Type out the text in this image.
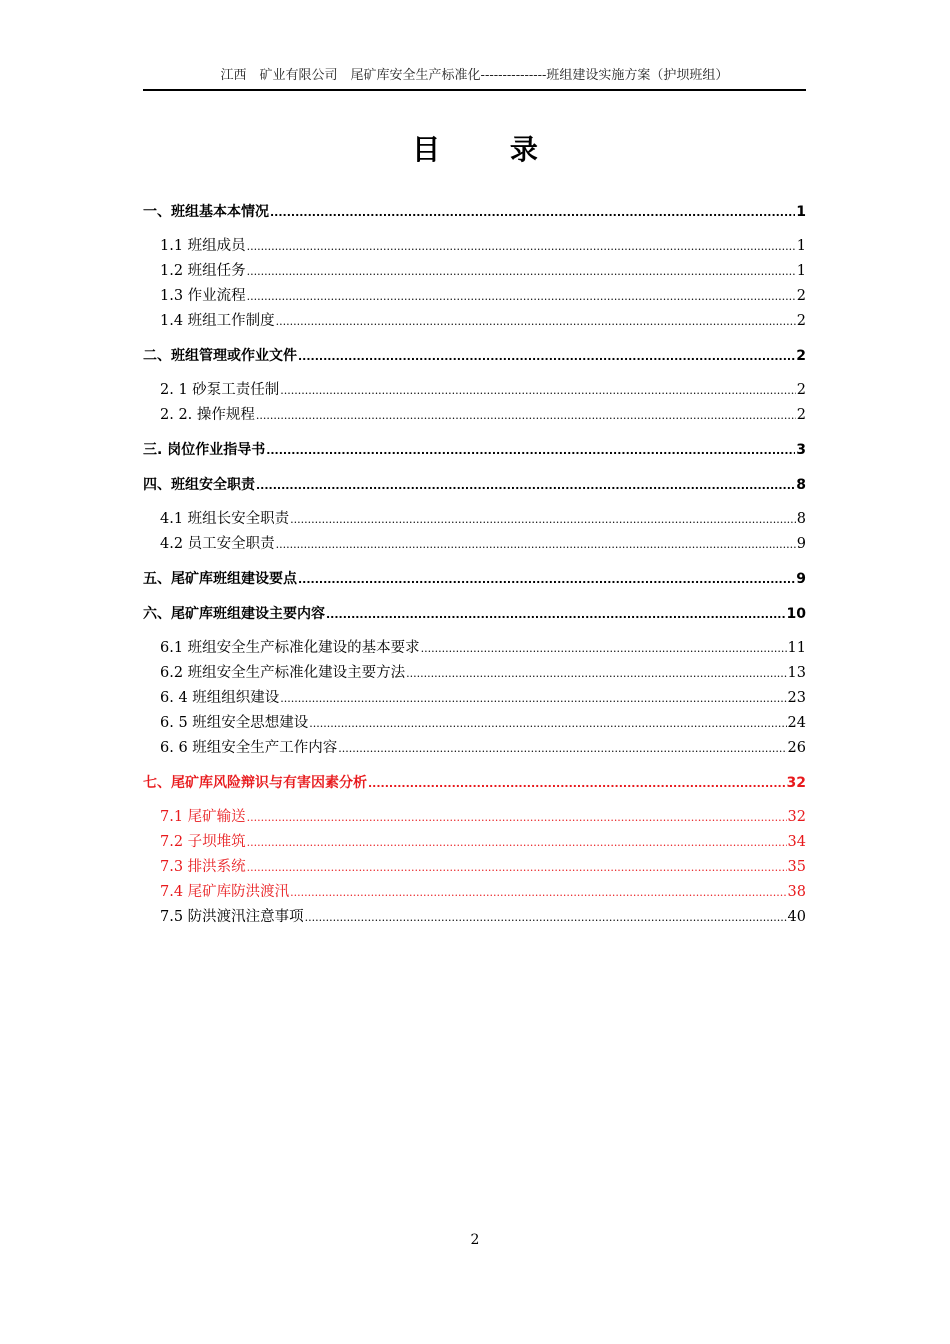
江西　矿业有限公司　尾矿库安全生产标准化---------------班组建设实施方案（护坝班组）
目 录
一、班组基本本情况 .....	1
1.1 班组成员 .....	1
1.2 班组任务 .....	1
1.3 作业流程 .....	2
1.4 班组工作制度 .....	2
二、班组管理或作业文件 .....	2
2. 1 砂泵工责任制 .....	2
2. 2. 操作规程 .....	2
三. 岗位作业指导书 .....	3
四、班组安全职责 .....	8
4.1 班组长安全职责 .....	8
4.2 员工安全职责 .....	9
五、尾矿库班组建设要点 .....	9
六、尾矿库班组建设主要内容 .....	10
6.1 班组安全生产标准化建设的基本要求 .....	11
6.2 班组安全生产标准化建设主要方法 .....	13
6. 4 班组组织建设 .....	23
6. 5 班组安全思想建设 .....	24
6. 6 班组安全生产工作内容 .....	26
七、尾矿库风险辩识与有害因素分析 .....	32
7.1 尾矿输送 .....	32
7.2 子坝堆筑 .....	34
7.3 排洪系统 .....	35
7.4 尾矿库防洪渡汛 .....	38
7.5 防洪渡汛注意事项 .....	40
2
